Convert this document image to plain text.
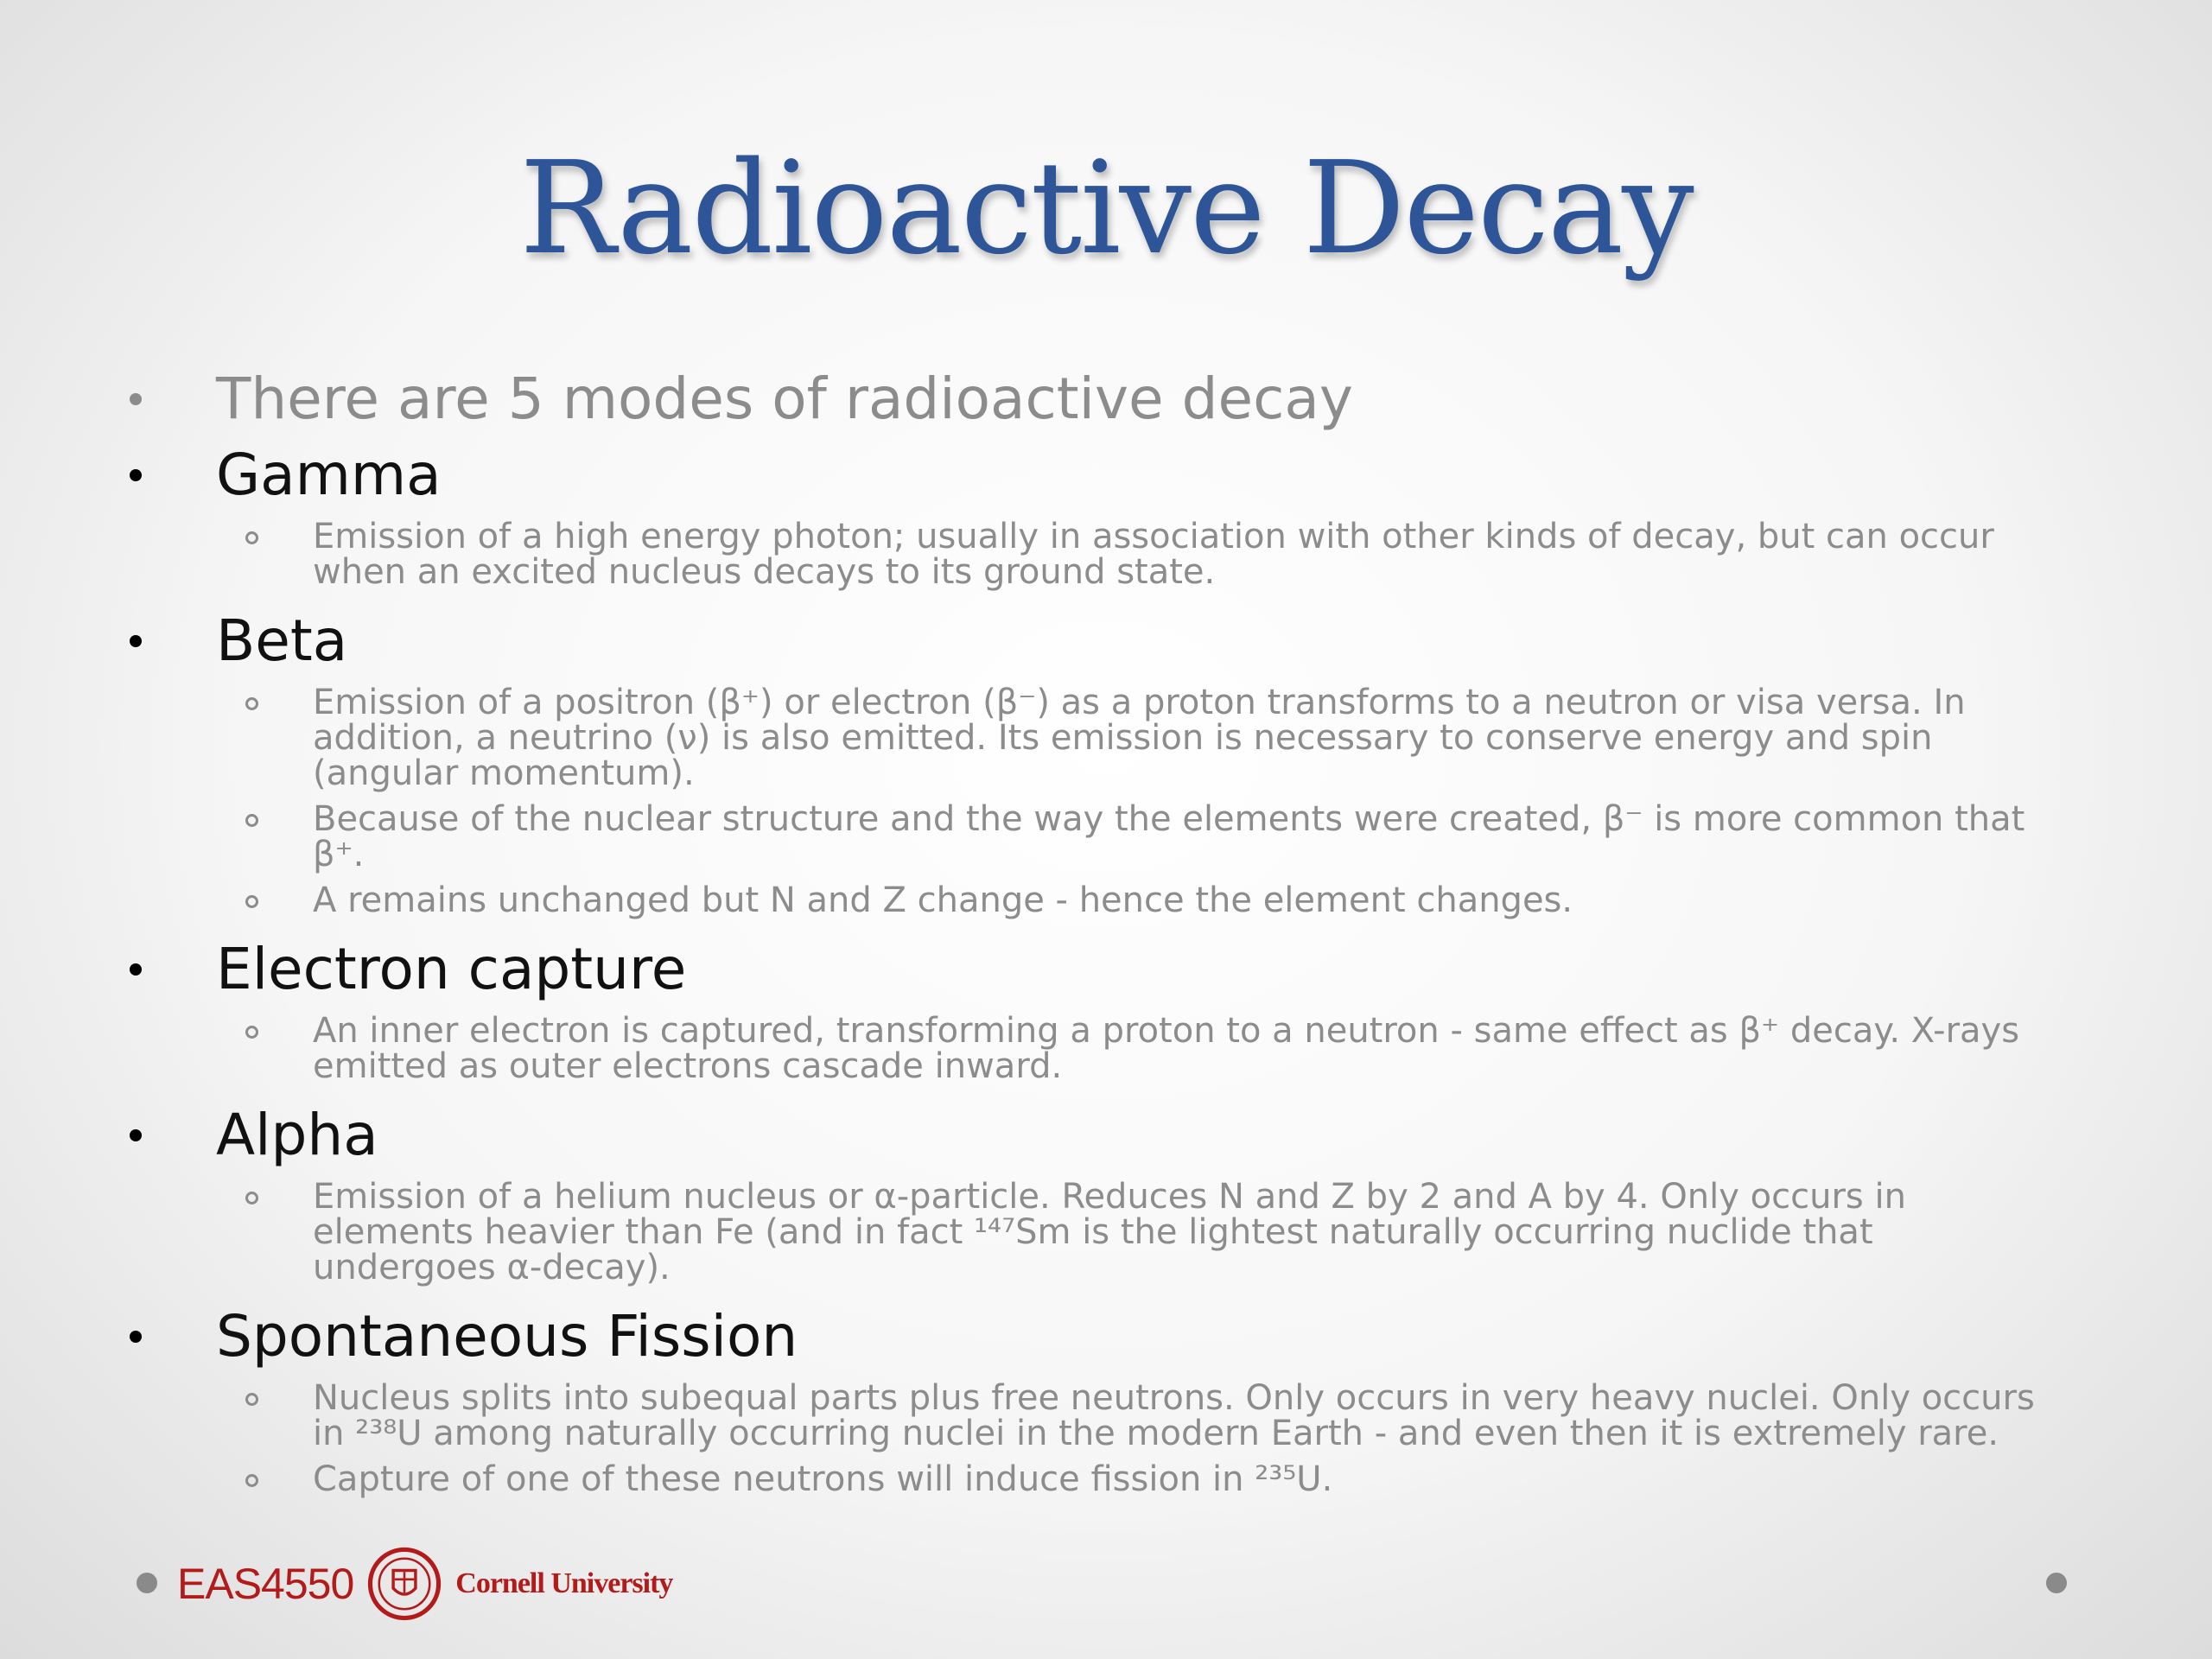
Radioactive Decay
There are 5 modes of radioactive decay
Gamma
Emission of a high energy photon; usually in association with other kinds of decay, but can occur when an excited nucleus decays to its ground state.
Beta
Emission of a positron (β⁺) or electron (β⁻) as a proton transforms to a neutron or visa versa. In addition, a neutrino (ν) is also emitted. Its emission is necessary to conserve energy and spin (angular momentum).
Because of the nuclear structure and the way the elements were created, β⁻ is more common that β⁺.
A remains unchanged but N and Z change - hence the element changes.
Electron capture
An inner electron is captured, transforming a proton to a neutron - same effect as β⁺ decay. X-rays emitted as outer electrons cascade inward.
Alpha
Emission of a helium nucleus or α-particle. Reduces N and Z by 2 and A by 4. Only occurs in elements heavier than Fe (and in fact ¹⁴⁷Sm is the lightest naturally occurring nuclide that undergoes α-decay).
Spontaneous Fission
Nucleus splits into subequal parts plus free neutrons. Only occurs in very heavy nuclei. Only occurs in ²³⁸U among naturally occurring nuclei in the modern Earth - and even then it is extremely rare.
Capture of one of these neutrons will induce fission in ²³⁵U.
EAS4550	Cornell University
